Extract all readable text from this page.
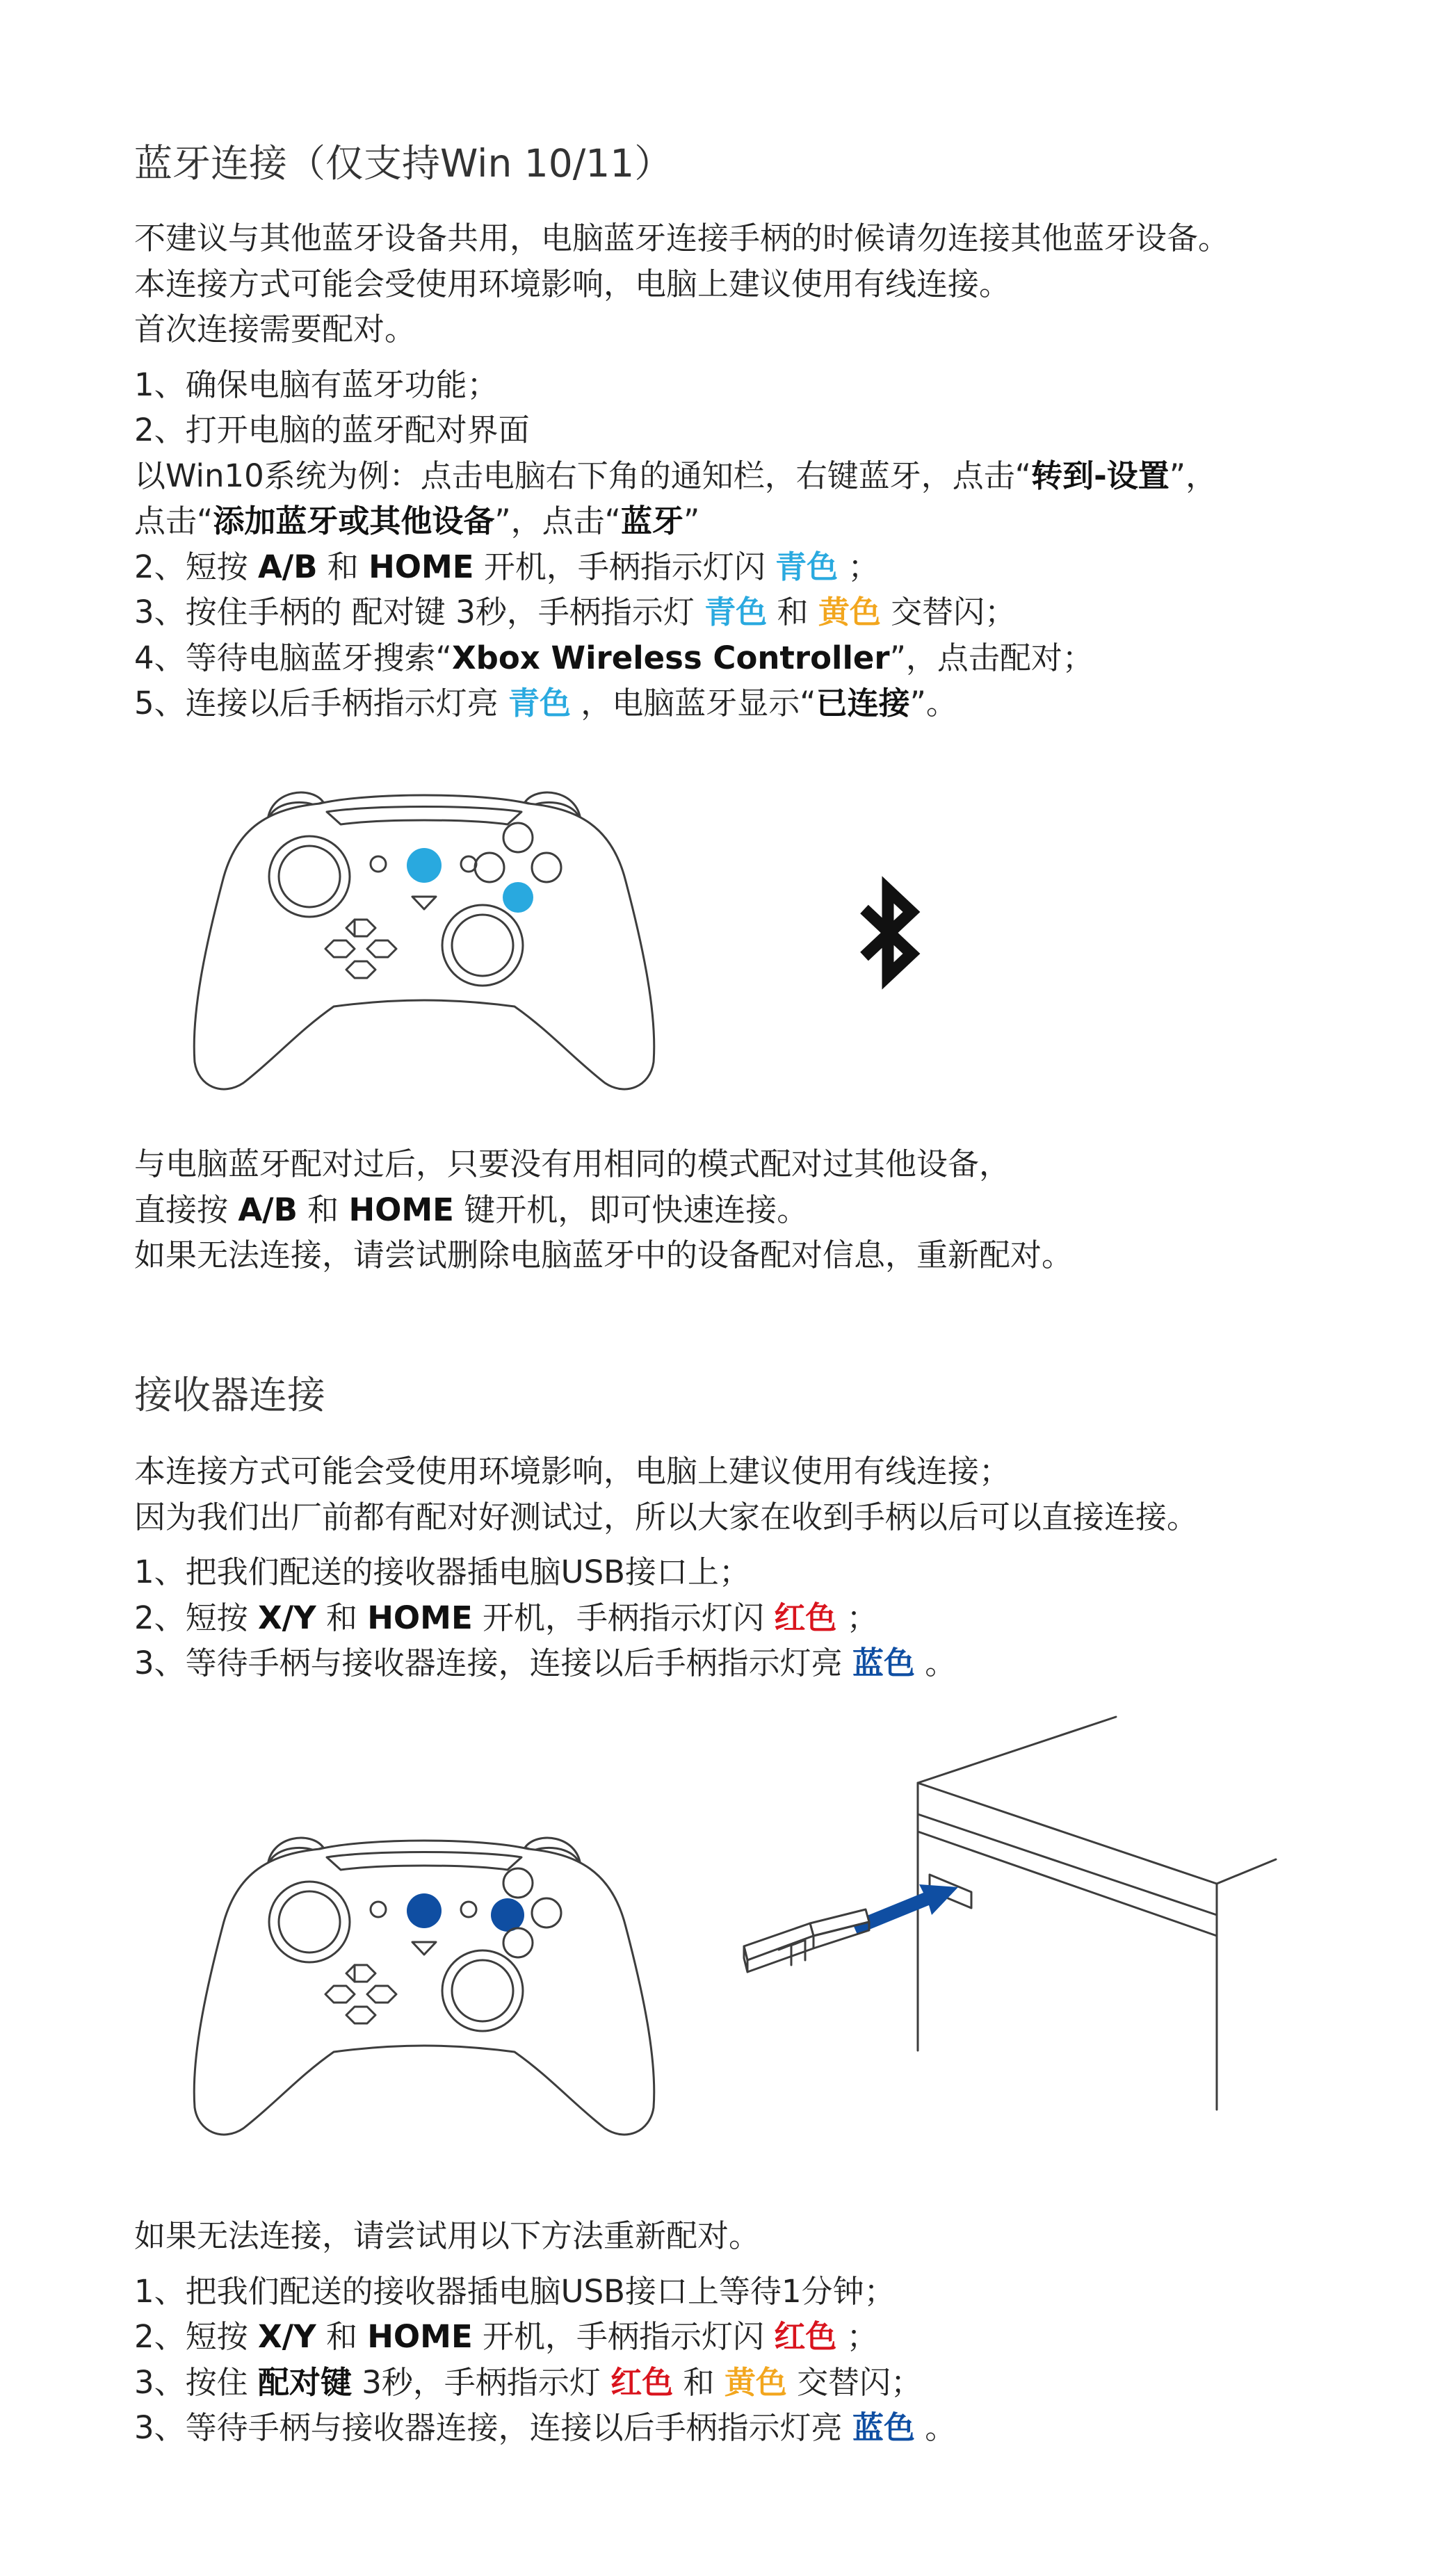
蓝牙连接（仅支持Win 10/11）

不建议与其他蓝牙设备共用，电脑蓝牙连接手柄的时候请勿连接其他蓝牙设备。

本连接方式可能会受使用环境影响，电脑上建议使用有线连接。

首次连接需要配对。

1、确保电脑有蓝牙功能；

2、打开电脑的蓝牙配对界面

以Win10系统为例：点击电脑右下角的通知栏，右键蓝牙，点击“转到-设置”，

点击“添加蓝牙或其他设备”，点击“蓝牙”

2、短按 A/B 和 HOME 开机，手柄指示灯闪 青色 ；

3、按住手柄的 配对键 3秒，手柄指示灯 青色 和 黄色 交替闪；

4、等待电脑蓝牙搜索“Xbox Wireless Controller”，点击配对；

5、连接以后手柄指示灯亮 青色 ，电脑蓝牙显示“已连接”。

与电脑蓝牙配对过后，只要没有用相同的模式配对过其他设备，

直接按 A/B 和 HOME 键开机，即可快速连接。

如果无法连接，请尝试删除电脑蓝牙中的设备配对信息，重新配对。

接收器连接

本连接方式可能会受使用环境影响，电脑上建议使用有线连接；

因为我们出厂前都有配对好测试过，所以大家在收到手柄以后可以直接连接。

1、把我们配送的接收器插电脑USB接口上；

2、短按 X/Y 和 HOME 开机，手柄指示灯闪 红色 ；

3、等待手柄与接收器连接，连接以后手柄指示灯亮 蓝色 。

如果无法连接，请尝试用以下方法重新配对。

1、把我们配送的接收器插电脑USB接口上等待1分钟；

2、短按 X/Y 和 HOME 开机，手柄指示灯闪 红色 ；

3、按住 配对键 3秒，手柄指示灯 红色 和 黄色 交替闪；

3、等待手柄与接收器连接，连接以后手柄指示灯亮 蓝色 。
